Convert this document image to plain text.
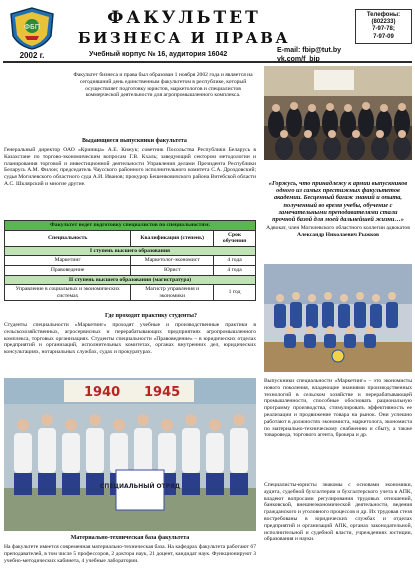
ФБП
2002 г.
ФАКУЛЬТЕТ
БИЗНЕСА И ПРАВА
Учебный корпус № 16, аудитория 16042
E-mail: fbip@tut.by
vk.com/f_bip
Телефоны:
(802233)
7-97-78;
7-97-09
Факультет бизнеса и права был образован 1 ноября 2002 года и является на сегодняшний день единственным факультетом в республике, который осуществляет подготовку юристов, маркетологов и специалистов коммерческой деятельности для агропромышленного комплекса.
Выдающиеся выпускники факультета
Генеральный директор ОАО «Криница» А.Е. Кижук; советник Посольства Республики Беларусь в Казахстане по торгово-экономическим вопросам Г.В. Кхаль; заведующий сектором методологии и планирования торговой и инвестиционной деятельности Управления делами Президента Республики Беларусь А.М. Филон; председатель Чаусского районного исполнительного комитета С.А. Дроздовский; судья Могилевского областного суда А.И. Иванов; прокурор Бешенковичского района Витебской области А.С. Шклярский и многие другие.	«Горжусь, что принадлежу к армии выпускников одного из самых престижных факультетов академии. Бесценный багаж знаний и опыта, полученный во время учебы, обучение с замечательными преподавателями стали прочной базой для моей дальнейшей жизни…»
Адвокат, член Могилевского областного коллегии адвокатов
Александр Николаевич Рыжков
Факультет ведет подготовку специалистов по специальностям:		
Специальность	Квалификация (степень)	Срок обучения
I ступень высшего образования		
Маркетинг	Маркетолог-экономист	4 года
Правоведение	Юрист	4 года
II ступень высшего образования (магистратура)		
Управление в социальных и экономических системах	Магистр управления и экономики	1 год
Где проходят практику студенты?
Студенты специальности «Маркетинг» проходят учебные и производственные практики в сельскохозяйственных, агросервисных и перерабатывающих предприятиях агропромышленного комплекса, торговых организациях. Студенты специальности «Правоведение» – в юридических отделах предприятий и организаций, исполнительных комитетах, органах внутренних дел, юридических консультациях, нотариальных службах, судах и прокуратурах.
1940 1945
СПЕЦИАЛЬНЫЙ ОТРЯД
Выпускники специальности «Маркетинг» – это экономисты нового поколения, владеющие знаниями производственных технологий в сельском хозяйстве и перерабатывающей промышленности, способные обосновать рациональную программу производства, стимулировать эффективность ее реализации и продвижение товара на рынок. Они успешно работают в должностях экономиста, маркетолога, экономиста по материально-техническому снабжению и сбыту, а также товароведа, торгового агента, брокера и др.
Специалисты-юристы знакомы с основами экономики, аудита, судебной бухгалтерии и бухгалтерского учета в АПК, владеют вопросами регулирования трудовых отношений, банковской, внешнеэкономической деятельности, ведения гражданского и уголовного процессов и др. Их трудовая стезя востребованы в юридических службах и отделах предприятий и организаций АПК, органах законодательной, исполнительной и судебной власти, учреждениях юстиции, образования и науки.
Материально-техническая база факультета
На факультете имеется современная материально-техническая база. На кафедрах факультета работают 67 преподавателей, в том числе 5 профессоров, 2 доктора наук, 21 доцент, кандидат наук. Функционируют 3 учебно-методических кабинета, 4 учебные лаборатории.
